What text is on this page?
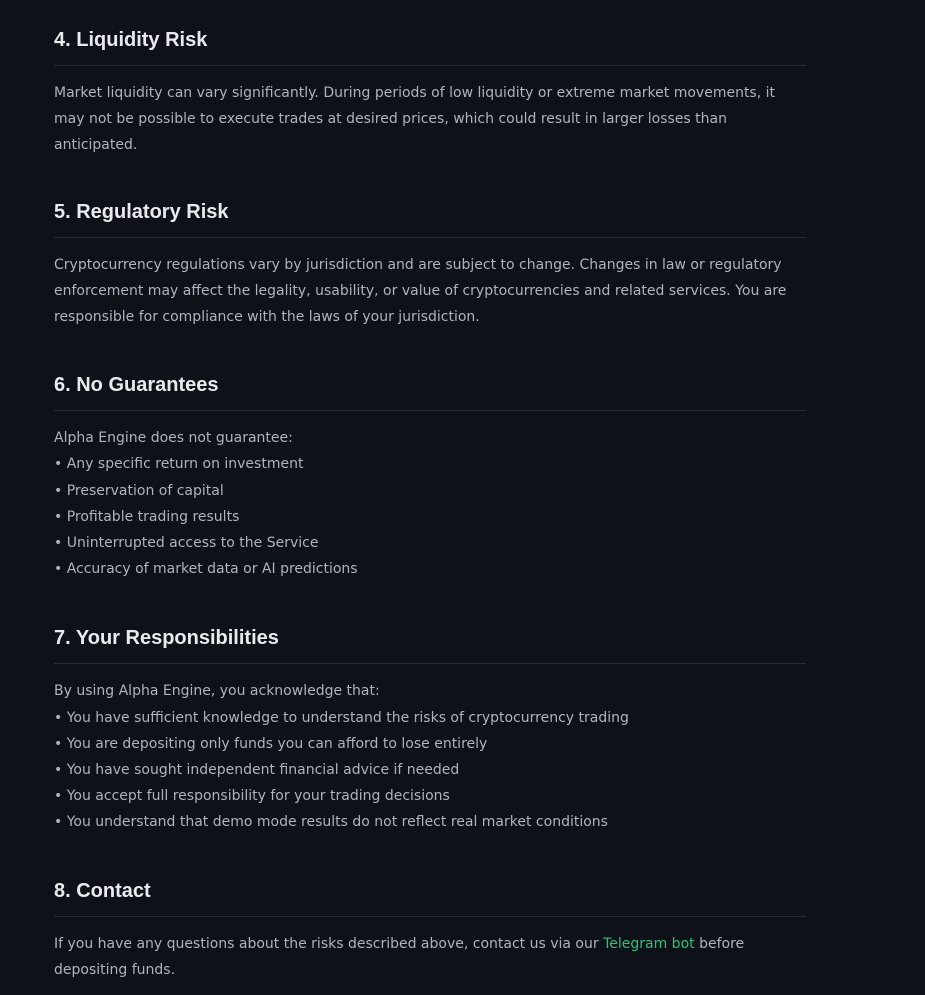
4. Liquidity Risk

Market liquidity can vary significantly. During periods of low liquidity or extreme market movements, it may not be possible to execute trades at desired prices, which could result in larger losses than anticipated.

5. Regulatory Risk

Cryptocurrency regulations vary by jurisdiction and are subject to change. Changes in law or regulatory enforcement may affect the legality, usability, or value of cryptocurrencies and related services. You are responsible for compliance with the laws of your jurisdiction.

6. No Guarantees
Alpha Engine does not guarantee:
• Any specific return on investment
• Preservation of capital
• Profitable trading results
• Uninterrupted access to the Service
• Accuracy of market data or AI predictions
7. Your Responsibilities
By using Alpha Engine, you acknowledge that:
• You have sufficient knowledge to understand the risks of cryptocurrency trading
• You are depositing only funds you can afford to lose entirely
• You have sought independent financial advice if needed
• You accept full responsibility for your trading decisions
• You understand that demo mode results do not reflect real market conditions
8. Contact

If you have any questions about the risks described above, contact us via our Telegram bot before depositing funds.
